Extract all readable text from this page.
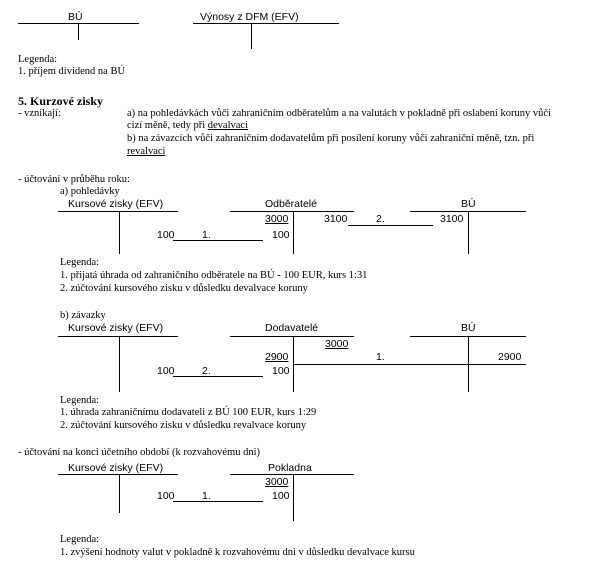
BÚ	Výnosy z DFM (EFV)
Legenda:
1. příjem dividend na BÚ
5. Kurzové zisky
- vznikají:	a) na pohledávkách vůči zahraničním odběratelům a na valutách v pokladně při oslabení koruny vůči
cizí měně, tedy při devalvaci
b) na závazcích vůči zahraničním dodavatelům při posílení koruny vůči zahraniční měně, tzn. při
revalvaci
- účtování v průběhu roku:
a) pohledávky
Kursové zisky (EFV)	Odběratelé	BÚ
3000	3100	2.	3100
100	1.	100
Legenda:
1. přijatá úhrada od zahraničního odběratele na BÚ - 100 EUR, kurs 1:31
2. zúčtování kursového zisku v důsledku devalvace koruny
b) závazky
Kursové zisky (EFV)	Dodavatelé	BÚ
3000
2900	1.	2900
100	2.	100
Legenda:
1. úhrada zahraničnímu dodavateli z BÚ 100 EUR, kurs 1:29
2. zúčtování kursového zisku v důsledku revalvace koruny
- účtování na konci účetního období (k rozvahovému dni)
Kursové zisky (EFV)	Pokladna
3000
100	1.	100
Legenda:
1. zvýšení hodnoty valut v pokladně k rozvahovému dni v důsledku devalvace kursu
